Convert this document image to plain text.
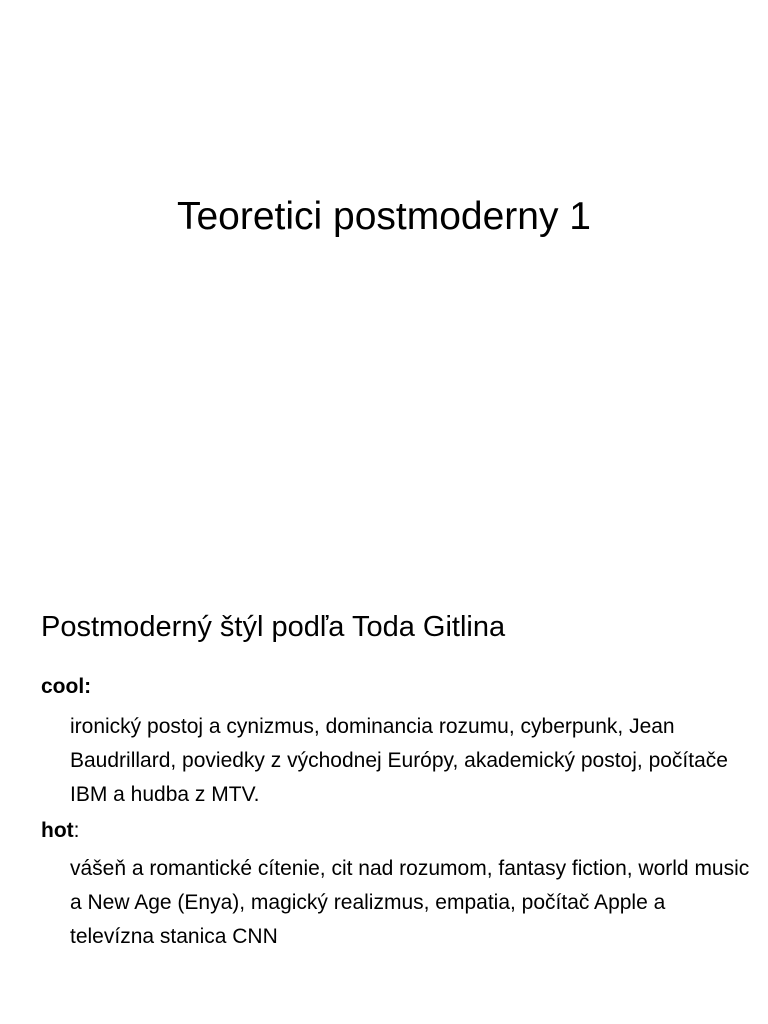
Teoretici postmoderny 1
Postmoderný štýl podľa Toda Gitlina

cool:

ironický postoj a cynizmus, dominancia rozumu, cyberpunk, Jean Baudrillard, poviedky z východnej Európy, akademický postoj, počítače IBM a hudba z MTV.

hot:

vášeň a romantické cítenie, cit nad rozumom, fantasy fiction, world music a New Age (Enya), magický realizmus, empatia, počítač Apple a televízna stanica CNN
